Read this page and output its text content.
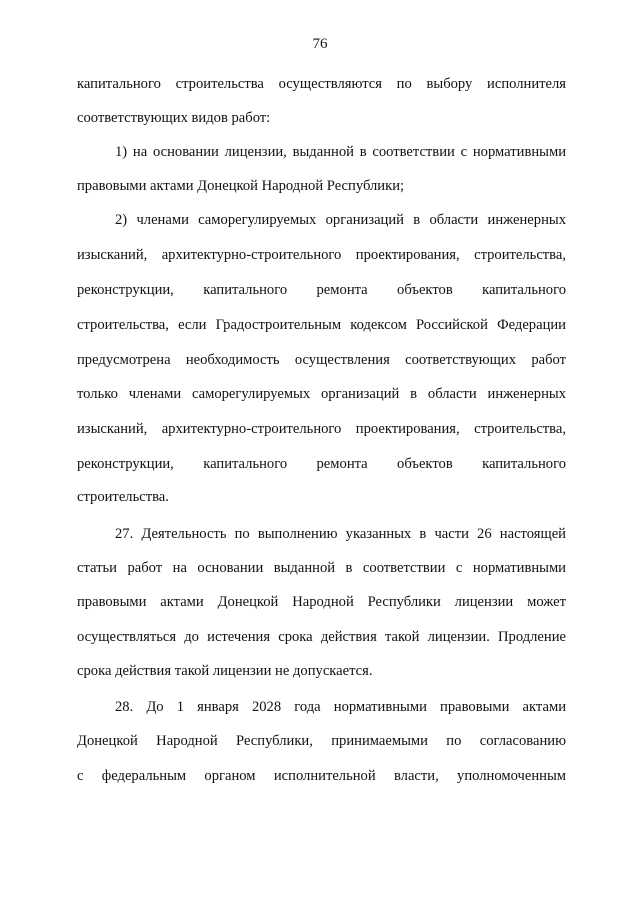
76
капитального строительства осуществляются по выбору исполнителя
соответствующих видов работ:
1) на основании лицензии, выданной в соответствии с нормативными
правовыми актами Донецкой Народной Республики;
2) членами саморегулируемых организаций в области инженерных
изысканий, архитектурно-строительного проектирования, строительства,
реконструкции, капитального ремонта объектов капитального
строительства, если Градостроительным кодексом Российской Федерации
предусмотрена необходимость осуществления соответствующих работ
только членами саморегулируемых организаций в области инженерных
изысканий, архитектурно-строительного проектирования, строительства,
реконструкции, капитального ремонта объектов капитального
строительства.
27. Деятельность по выполнению указанных в части 26 настоящей
статьи работ на основании выданной в соответствии с нормативными
правовыми актами Донецкой Народной Республики лицензии может
осуществляться до истечения срока действия такой лицензии. Продление
срока действия такой лицензии не допускается.
28. До 1 января 2028 года нормативными правовыми актами
Донецкой Народной Республики, принимаемыми по согласованию
с федеральным органом исполнительной власти, уполномоченным
